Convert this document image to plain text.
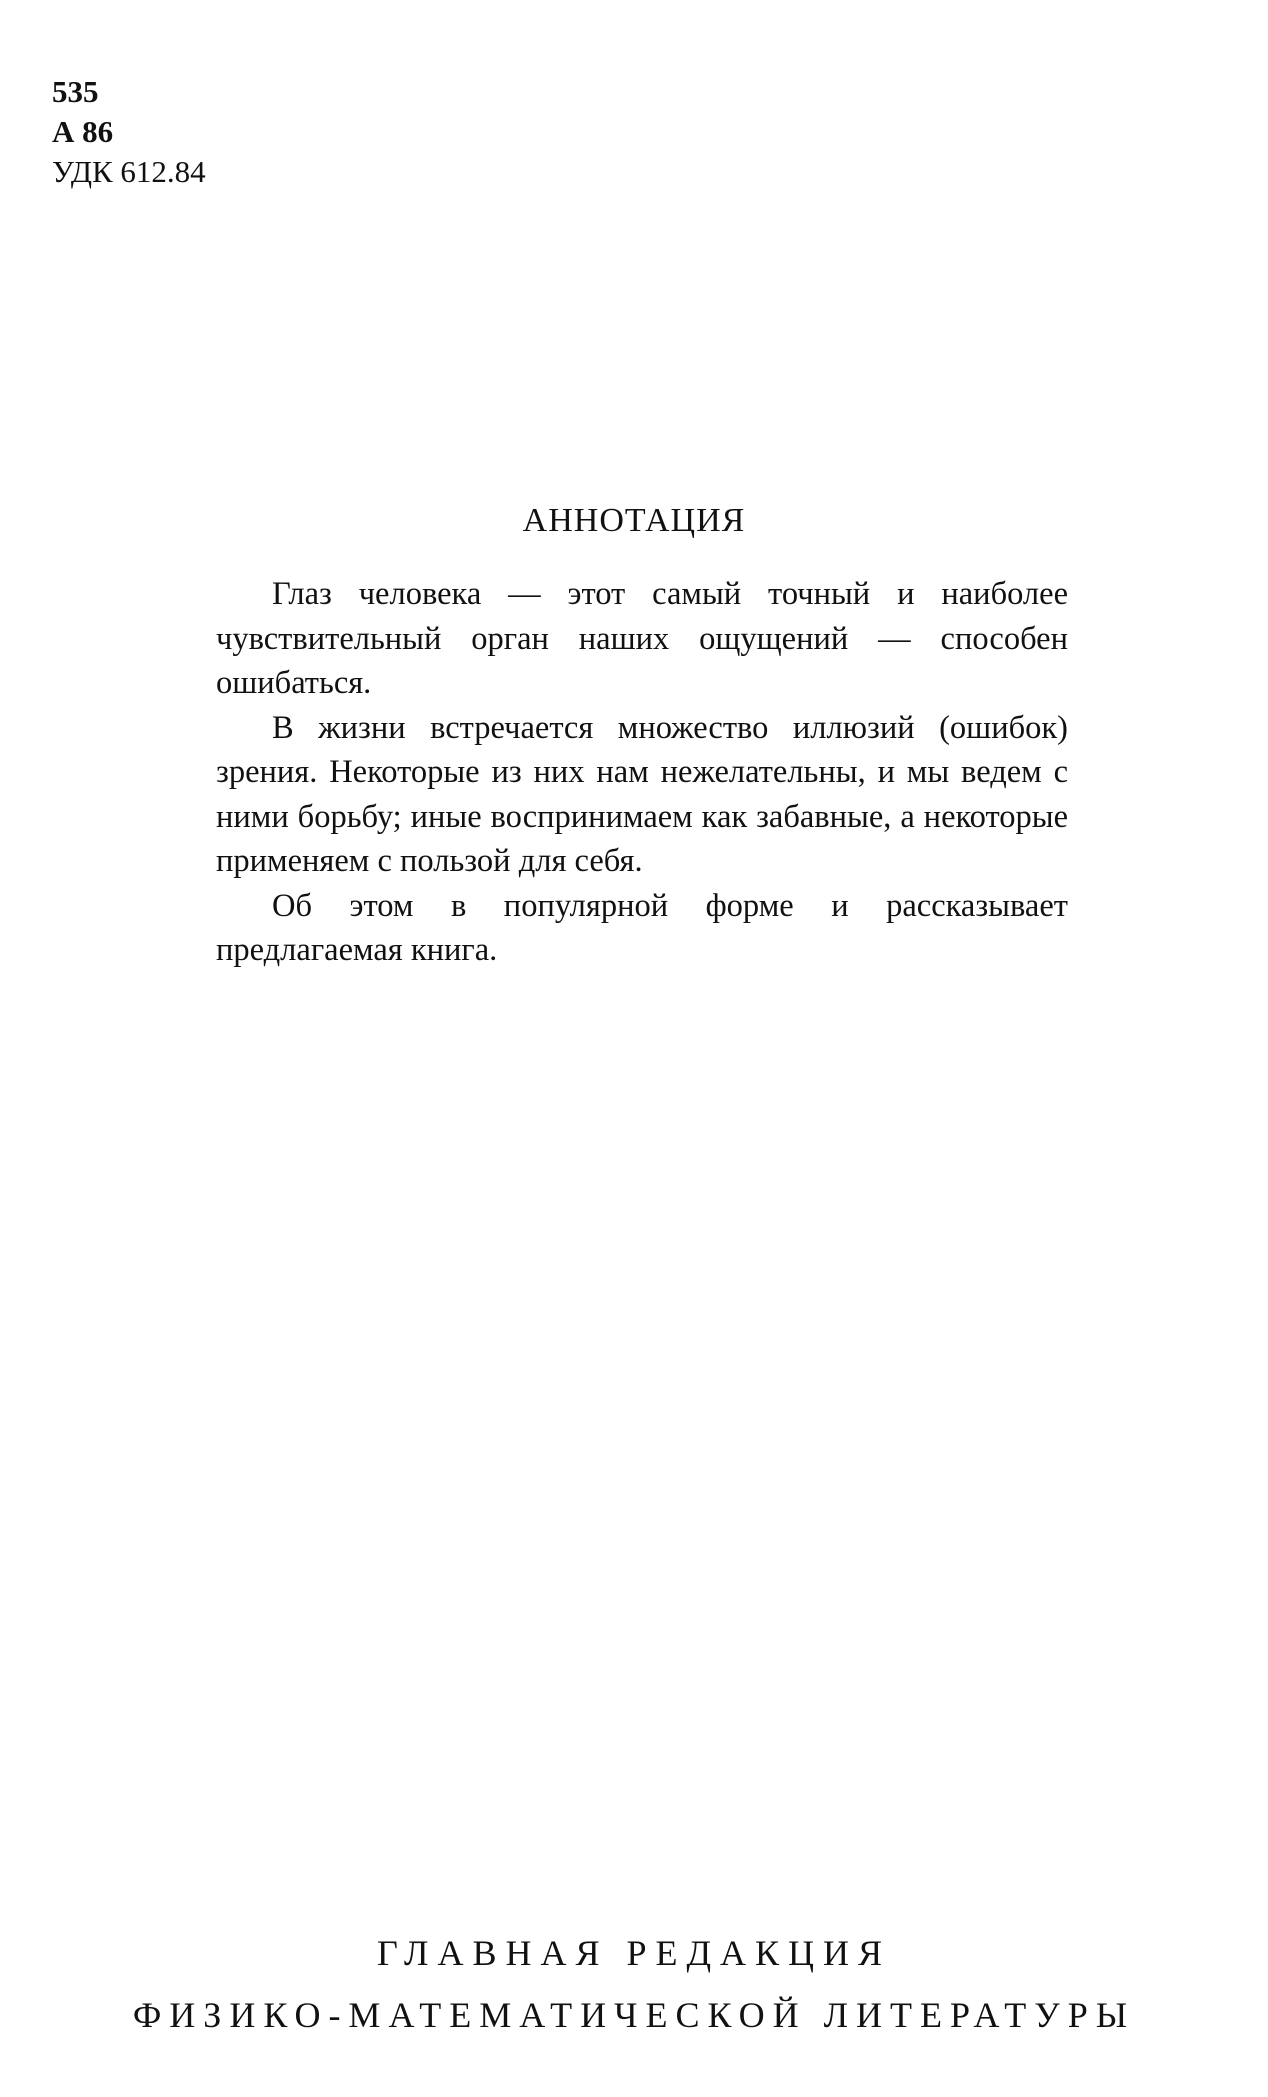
535
А 86
УДК 612.84
АННОТАЦИЯ

Глаз человека — этот самый точный и наиболее чувствительный орган наших ощущений — способен ошибаться.

В жизни встречается множество иллюзий (ошибок) зрения. Некоторые из них нам нежелательны, и мы ведем с ними борьбу; иные воспринимаем как забавные, а некоторые применяем с пользой для себя.

Об этом в популярной форме и рассказывает предлагаемая книга.

ГЛАВНАЯ РЕДАКЦИЯ
ФИЗИКО-МАТЕМАТИЧЕСКОЙ ЛИТЕРАТУРЫ
